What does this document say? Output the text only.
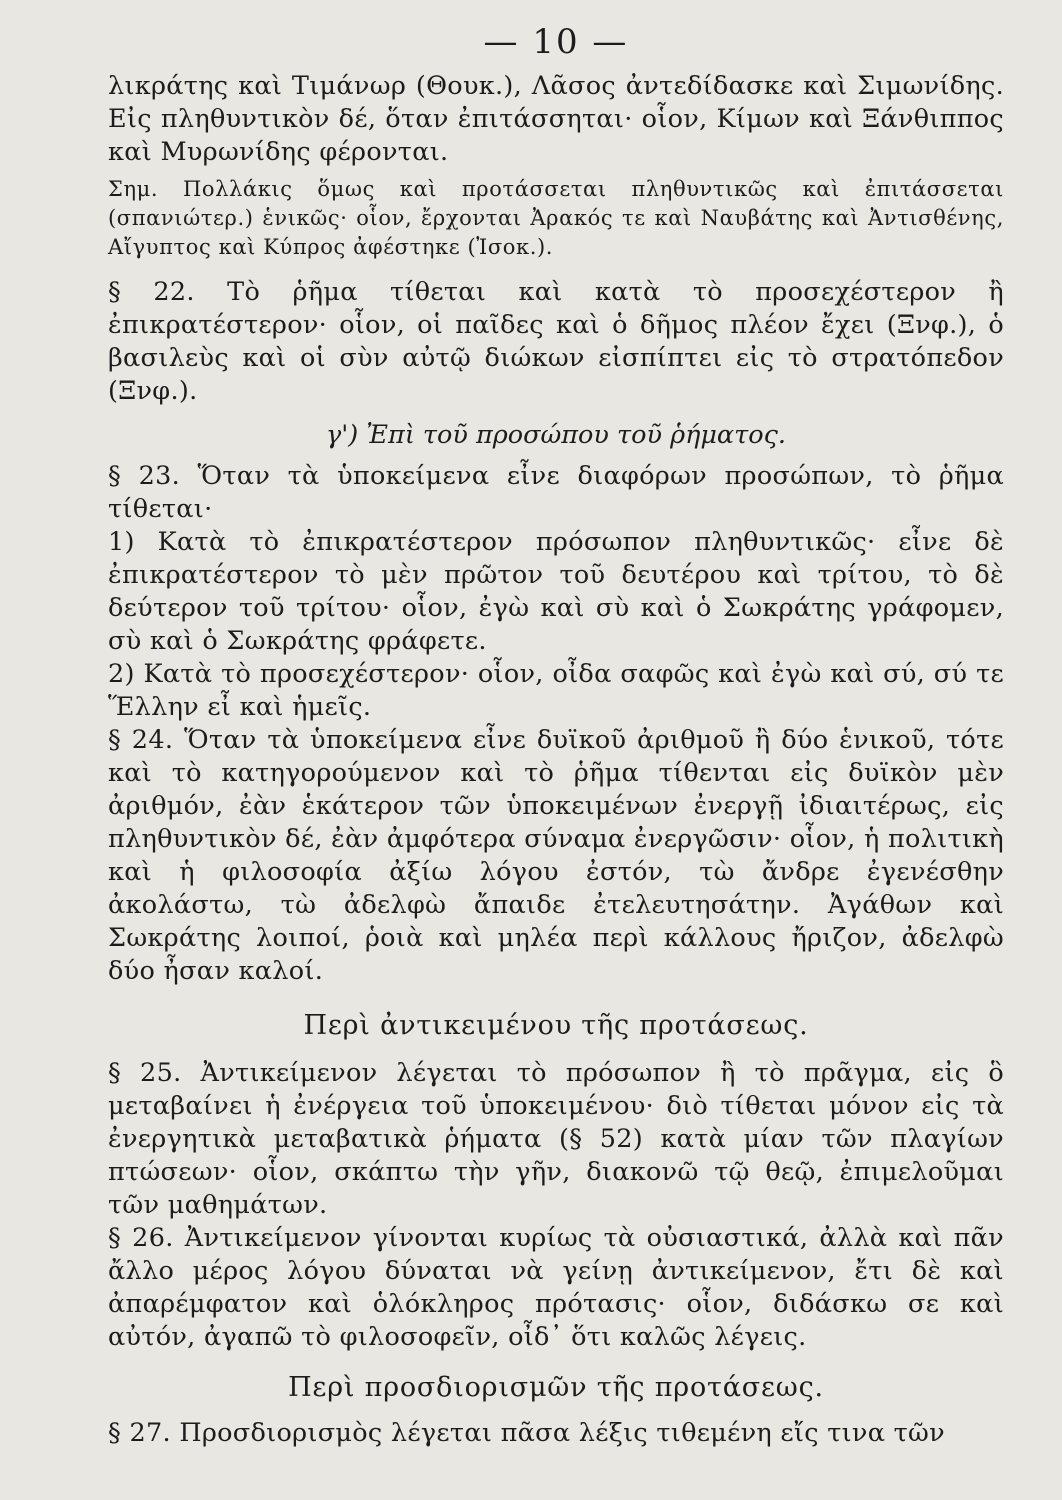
— 10 —

λικράτης καὶ Τιμάνωρ (Θουκ.), Λᾶσος ἀντεδίδασκε καὶ Σιμωνίδης. Εἰς πληθυντικὸν δέ, ὅταν ἐπιτάσσηται· οἷον, Κίμων καὶ Ξάνθιππος καὶ Μυρωνίδης φέρονται.

Σημ. Πολλάκις ὅμως καὶ προτάσσεται πληθυντικῶς καὶ ἐπιτάσσεται (σπανιώτερ.) ἑνικῶς· οἷον, ἔρχονται Ἀρακός τε καὶ Ναυβάτης καὶ Ἀντισθένης, Αἴγυπτος καὶ Κύπρος ἀφέστηκε (Ἰσοκ.).

§ 22. Τὸ ῥῆμα τίθεται καὶ κατὰ τὸ προσεχέστερον ἢ ἐπικρατέστερον· οἷον, οἱ παῖδες καὶ ὁ δῆμος πλέον ἔχει (Ξνφ.), ὁ βασιλεὺς καὶ οἱ σὺν αὐτῷ διώκων εἰσπίπτει εἰς τὸ στρατόπεδον (Ξνφ.).

γ') Ἐπὶ τοῦ προσώπου τοῦ ῥήματος.

§ 23. Ὅταν τὰ ὑποκείμενα εἶνε διαφόρων προσώπων, τὸ ῥῆμα τίθεται·

1) Κατὰ τὸ ἐπικρατέστερον πρόσωπον πληθυντικῶς· εἶνε δὲ ἐπικρατέστερον τὸ μὲν πρῶτον τοῦ δευτέρου καὶ τρίτου, τὸ δὲ δεύτερον τοῦ τρίτου· οἷον, ἐγὼ καὶ σὺ καὶ ὁ Σωκράτης γράφομεν, σὺ καὶ ὁ Σωκράτης φράφετε.

2) Κατὰ τὸ προσεχέστερον· οἷον, οἶδα σαφῶς καὶ ἐγὼ καὶ σύ, σύ τε Ἕλλην εἶ καὶ ἡμεῖς.

§ 24. Ὅταν τὰ ὑποκείμενα εἶνε δυϊκοῦ ἀριθμοῦ ἢ δύο ἑνικοῦ, τότε καὶ τὸ κατηγορούμενον καὶ τὸ ῥῆμα τίθενται εἰς δυϊκὸν μὲν ἀριθμόν, ἐὰν ἑκάτερον τῶν ὑποκειμένων ἐνεργῇ ἰδιαιτέρως, εἰς πληθυντικὸν δέ, ἐὰν ἀμφότερα σύναμα ἐνεργῶσιν· οἷον, ἡ πολιτικὴ καὶ ἡ φιλοσοφία ἀξίω λόγου ἐστόν, τὼ ἄνδρε ἐγενέσθην ἀκολάστω, τὼ ἀδελφὼ ἄπαιδε ἐτελευτησάτην. Ἀγάθων καὶ Σωκράτης λοιποί, ῥοιὰ καὶ μηλέα περὶ κάλλους ἤριζον, ἀδελφὼ δύο ἦσαν καλοί.

Περὶ ἀντικειμένου τῆς προτάσεως.

§ 25. Ἀντικείμενον λέγεται τὸ πρόσωπον ἢ τὸ πρᾶγμα, εἰς ὃ μεταβαίνει ἡ ἐνέργεια τοῦ ὑποκειμένου· διὸ τίθεται μόνον εἰς τὰ ἐνεργητικὰ μεταβατικὰ ῥήματα (§ 52) κατὰ μίαν τῶν πλαγίων πτώσεων· οἷον, σκάπτω τὴν γῆν, διακονῶ τῷ θεῷ, ἐπιμελοῦμαι τῶν μαθημάτων.

§ 26. Ἀντικείμενον γίνονται κυρίως τὰ οὐσιαστικά, ἀλλὰ καὶ πᾶν ἄλλο μέρος λόγου δύναται νὰ γείνῃ ἀντικείμενον, ἔτι δὲ καὶ ἀπαρέμφατον καὶ ὁλόκληρος πρότασις· οἷον, διδάσκω σε καὶ αὐτόν, ἀγαπῶ τὸ φιλοσοφεῖν, οἶδ᾽ ὅτι καλῶς λέγεις.

Περὶ προσδιορισμῶν τῆς προτάσεως.

§ 27. Προσδιορισμὸς λέγεται πᾶσα λέξις τιθεμένη εἴς τινα τῶν
